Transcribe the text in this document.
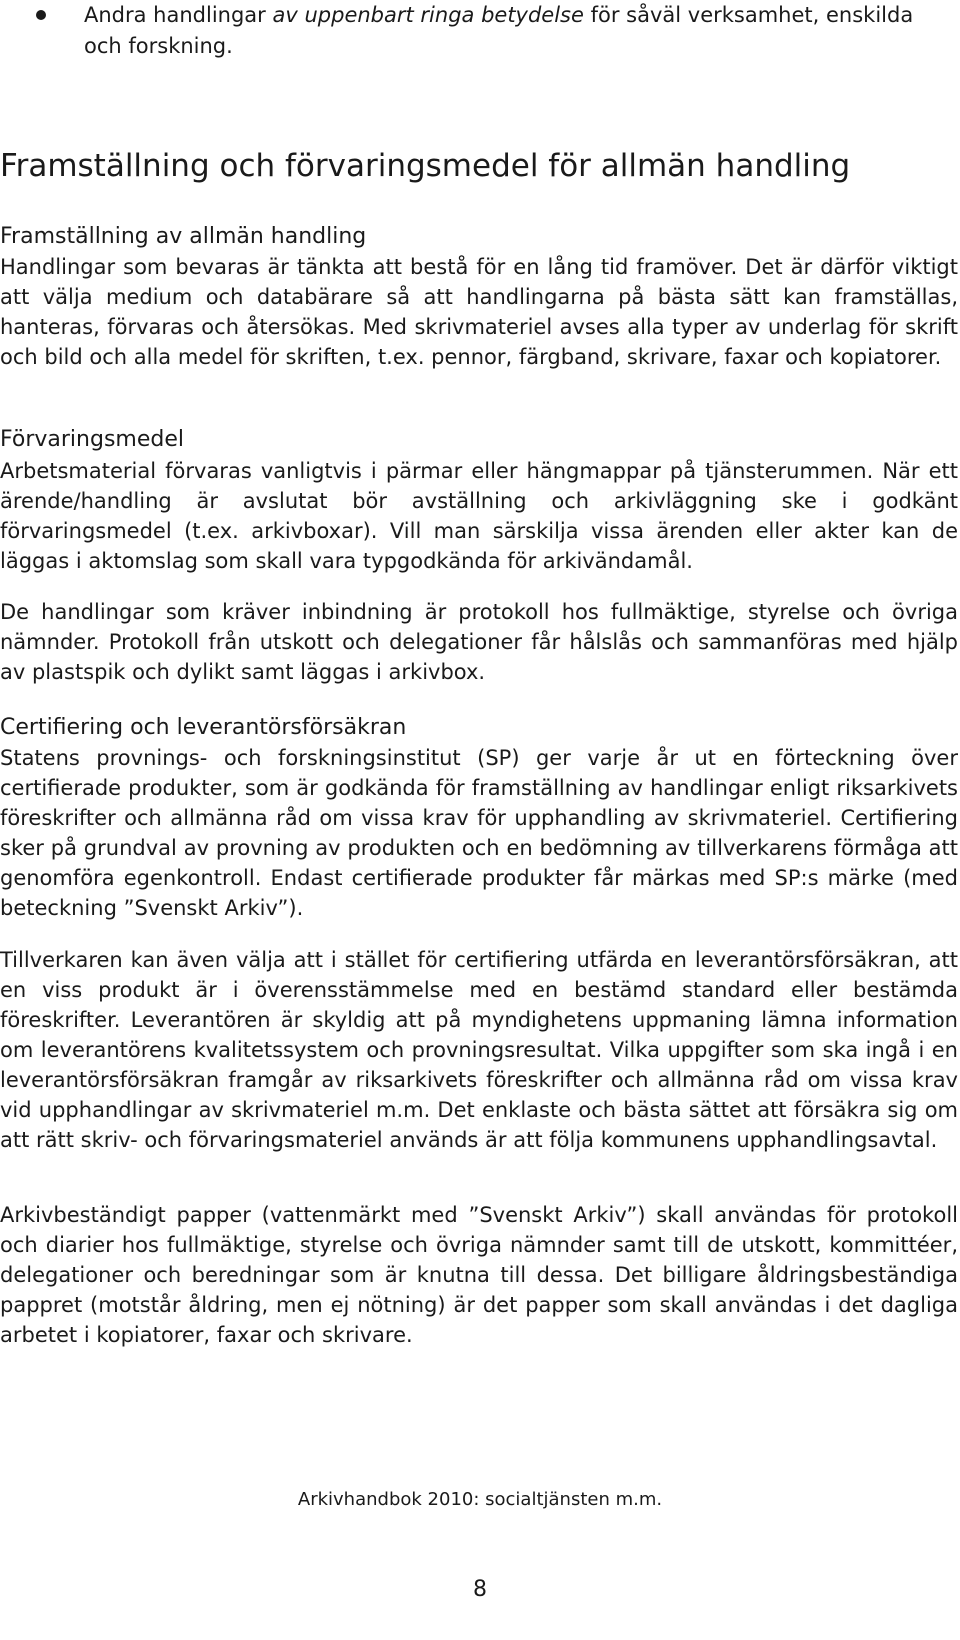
Andra handlingar av uppenbart ringa betydelse för såväl verksamhet, enskilda och forskning.
Framställning och förvaringsmedel för allmän handling
Framställning av allmän handling
Handlingar som bevaras är tänkta att bestå för en lång tid framöver. Det är därför viktigt att välja medium och databärare så att handlingarna på bästa sätt kan framställas, hanteras, förvaras och återsökas. Med skrivmateriel avses alla typer av underlag för skrift och bild och alla medel för skriften, t.ex. pennor, färgband, skrivare, faxar och kopiatorer.
Förvaringsmedel
Arbetsmaterial förvaras vanligtvis i pärmar eller hängmappar på tjänsterummen. När ett ärende/handling är avslutat bör avställning och arkivläggning ske i godkänt förvaringsmedel (t.ex. arkivboxar). Vill man särskilja vissa ärenden eller akter kan de läggas i aktomslag som skall vara typgodkända för arkivändamål.
De handlingar som kräver inbindning är protokoll hos fullmäktige, styrelse och övriga nämnder. Protokoll från utskott och delegationer får hålslås och sammanföras med hjälp av plastspik och dylikt samt läggas i arkivbox.
Certifiering och leverantörsförsäkran
Statens provnings- och forskningsinstitut (SP) ger varje år ut en förteckning över certifierade produkter, som är godkända för framställning av handlingar enligt riksarkivets föreskrifter och allmänna råd om vissa krav för upphandling av skrivmateriel. Certifiering sker på grundval av provning av produkten och en bedömning av tillverkarens förmåga att genomföra egenkontroll. Endast certifierade produkter får märkas med SP:s märke (med beteckning ”Svenskt Arkiv”).
Tillverkaren kan även välja att i stället för certifiering utfärda en leverantörsförsäkran, att en viss produkt är i överensstämmelse med en bestämd standard eller bestämda föreskrifter. Leverantören är skyldig att på myndighetens uppmaning lämna information om leverantörens kvalitetssystem och provningsresultat. Vilka uppgifter som ska ingå i en leverantörsförsäkran framgår av riksarkivets föreskrifter och allmänna råd om vissa krav vid upphandlingar av skrivmateriel m.m. Det enklaste och bästa sättet att försäkra sig om att rätt skriv- och förvaringsmateriel används är att följa kommunens upphandlingsavtal.
Arkivbeständigt papper (vattenmärkt med ”Svenskt Arkiv”) skall användas för protokoll och diarier hos fullmäktige, styrelse och övriga nämnder samt till de utskott, kommittéer, delegationer och beredningar som är knutna till dessa. Det billigare åldringsbeständiga pappret (motstår åldring, men ej nötning) är det papper som skall användas i det dagliga arbetet i kopiatorer, faxar och skrivare.
Arkivhandbok 2010: socialtjänsten m.m.
8
